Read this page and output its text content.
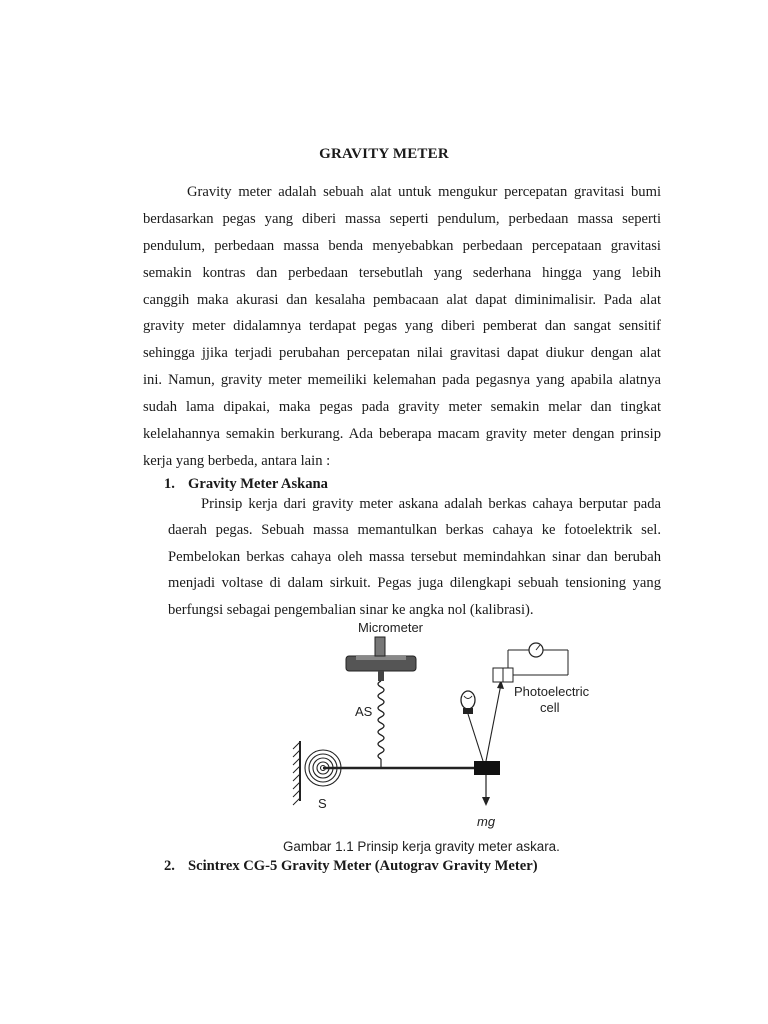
GRAVITY METER
Gravity meter adalah sebuah alat untuk mengukur percepatan gravitasi bumi
berdasarkan pegas yang diberi massa seperti pendulum, perbedaan massa seperti
pendulum, perbedaan massa benda menyebabkan perbedaan percepataan gravitasi
semakin kontras dan perbedaan tersebutlah yang sederhana hingga yang lebih
canggih maka akurasi dan kesalaha pembacaan alat dapat diminimalisir. Pada alat
gravity meter didalamnya terdapat pegas yang diberi pemberat dan sangat sensitif
sehingga jjika terjadi perubahan percepatan nilai gravitasi dapat diukur dengan alat
ini. Namun, gravity meter memeiliki kelemahan pada pegasnya yang apabila alatnya
sudah lama dipakai, maka pegas pada gravity meter semakin melar dan tingkat
kelelahannya semakin berkurang. Ada beberapa macam gravity meter dengan prinsip
kerja yang berbeda, antara lain :
1. Gravity Meter Askana
Prinsip kerja dari gravity meter askana adalah berkas cahaya berputar pada
daerah pegas. Sebuah massa memantulkan berkas cahaya ke fotoelektrik sel.
Pembelokan berkas cahaya oleh massa tersebut memindahkan sinar dan berubah
menjadi voltase di dalam sirkuit. Pegas juga dilengkapi sebuah tensioning yang
berfungsi sebagai pengembalian sinar ke angka nol (kalibrasi).
Micrometer
AS
S
mg
Photoelectric
cell
Gambar 1.1 Prinsip kerja gravity meter askara.
2. Scintrex CG-5 Gravity Meter (Autograv Gravity Meter)
